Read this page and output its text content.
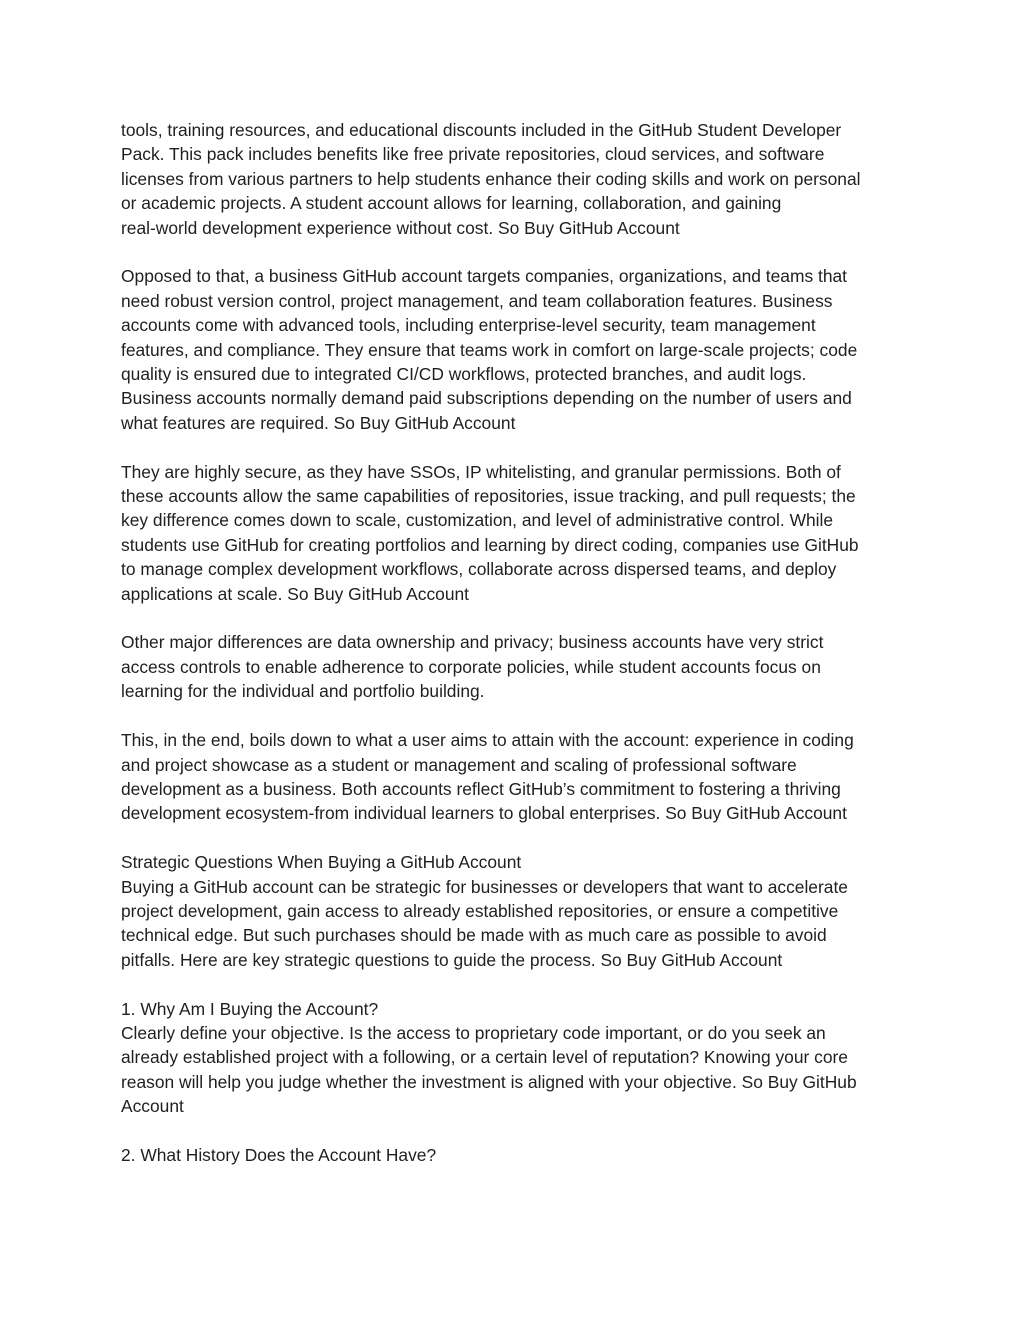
tools, training resources, and educational discounts included in the GitHub Student Developer
Pack. This pack includes benefits like free private repositories, cloud services, and software
licenses from various partners to help students enhance their coding skills and work on personal
or academic projects. A student account allows for learning, collaboration, and gaining
real-world development experience without cost. So Buy GitHub Account

Opposed to that, a business GitHub account targets companies, organizations, and teams that
need robust version control, project management, and team collaboration features. Business
accounts come with advanced tools, including enterprise-level security, team management
features, and compliance. They ensure that teams work in comfort on large-scale projects; code
quality is ensured due to integrated CI/CD workflows, protected branches, and audit logs.
Business accounts normally demand paid subscriptions depending on the number of users and
what features are required. So Buy GitHub Account

They are highly secure, as they have SSOs, IP whitelisting, and granular permissions. Both of
these accounts allow the same capabilities of repositories, issue tracking, and pull requests; the
key difference comes down to scale, customization, and level of administrative control. While
students use GitHub for creating portfolios and learning by direct coding, companies use GitHub
to manage complex development workflows, collaborate across dispersed teams, and deploy
applications at scale. So Buy GitHub Account

Other major differences are data ownership and privacy; business accounts have very strict
access controls to enable adherence to corporate policies, while student accounts focus on
learning for the individual and portfolio building.

This, in the end, boils down to what a user aims to attain with the account: experience in coding
and project showcase as a student or management and scaling of professional software
development as a business. Both accounts reflect GitHub’s commitment to fostering a thriving
development ecosystem-from individual learners to global enterprises. So Buy GitHub Account

Strategic Questions When Buying a GitHub Account
Buying a GitHub account can be strategic for businesses or developers that want to accelerate
project development, gain access to already established repositories, or ensure a competitive
technical edge. But such purchases should be made with as much care as possible to avoid
pitfalls. Here are key strategic questions to guide the process. So Buy GitHub Account

1. Why Am I Buying the Account?
Clearly define your objective. Is the access to proprietary code important, or do you seek an
already established project with a following, or a certain level of reputation? Knowing your core
reason will help you judge whether the investment is aligned with your objective. So Buy GitHub
Account

2. What History Does the Account Have?
